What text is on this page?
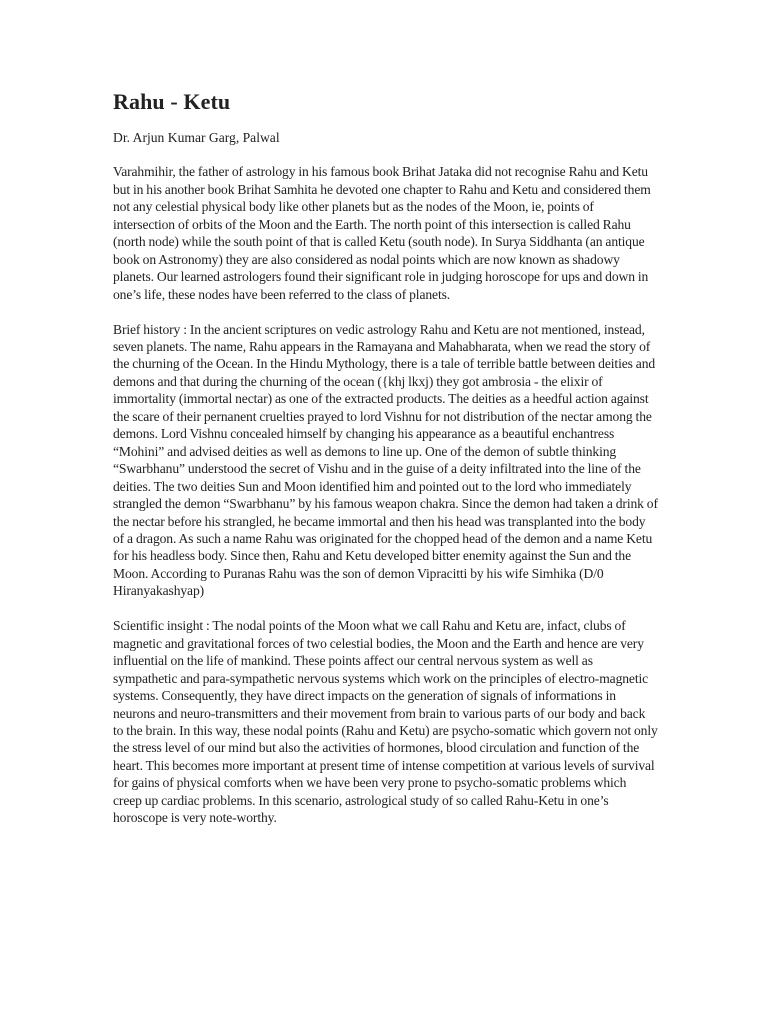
Rahu - Ketu

Dr. Arjun Kumar Garg, Palwal

Varahmihir, the father of astrology in his famous book Brihat Jataka did not recognise Rahu and Ketu but in his another book Brihat Samhita he devoted one chapter to Rahu and Ketu and considered them not any celestial physical body like other planets but as the nodes of the Moon, ie, points of intersection of orbits of the Moon and the Earth. The north point of this intersection is called Rahu (north node) while the south point of that is called Ketu (south node). In Surya Siddhanta (an antique book on Astronomy) they are also considered as nodal points which are now known as shadowy planets. Our learned astrologers found their significant role in judging horoscope for ups and down in one’s life, these nodes have been referred to the class of planets.

Brief history : In the ancient scriptures on vedic astrology Rahu and Ketu are not mentioned, instead, seven planets. The name, Rahu appears in the Ramayana and Mahabharata, when we read the story of the churning of the Ocean. In the Hindu Mythology, there is a tale of terrible battle between deities and demons and that during the churning of the ocean ({khj lkxj) they got ambrosia - the elixir of immortality (immortal nectar) as one of the extracted products. The deities as a heedful action against the scare of their pernanent cruelties prayed to lord Vishnu for not distribution of the nectar among the demons. Lord Vishnu concealed himself by changing his appearance as a beautiful enchantress “Mohini” and advised deities as well as demons to line up. One of the demon of subtle thinking “Swarbhanu” understood the secret of Vishu and in the guise of a deity infiltrated into the line of the deities. The two deities Sun and Moon identified him and pointed out to the lord who immediately strangled the demon “Swarbhanu” by his famous weapon chakra. Since the demon had taken a drink of the nectar before his strangled, he became immortal and then his head was transplanted into the body of a dragon. As such a name Rahu was originated for the chopped head of the demon and a name Ketu for his headless body. Since then, Rahu and Ketu developed bitter enemity against the Sun and the Moon. According to Puranas Rahu was the son of demon Vipracitti by his wife Simhika (D/0 Hiranyakashyap)

Scientific insight : The nodal points of the Moon what we call Rahu and Ketu are, infact, clubs of magnetic and gravitational forces of two celestial bodies, the Moon and the Earth and hence are very influential on the life of mankind. These points affect our central nervous system as well as sympathetic and para-sympathetic nervous systems which work on the principles of electro-magnetic systems. Consequently, they have direct impacts on the generation of signals of informations in neurons and neuro-transmitters and their movement from brain to various parts of our body and back to the brain. In this way, these nodal points (Rahu and Ketu) are psycho-somatic which govern not only the stress level of our mind but also the activities of hormones, blood circulation and function of the heart. This becomes more important at present time of intense competition at various levels of survival for gains of physical comforts when we have been very prone to psycho-somatic problems which creep up cardiac problems. In this scenario, astrological study of so called Rahu-Ketu in one’s horoscope is very note-worthy.
